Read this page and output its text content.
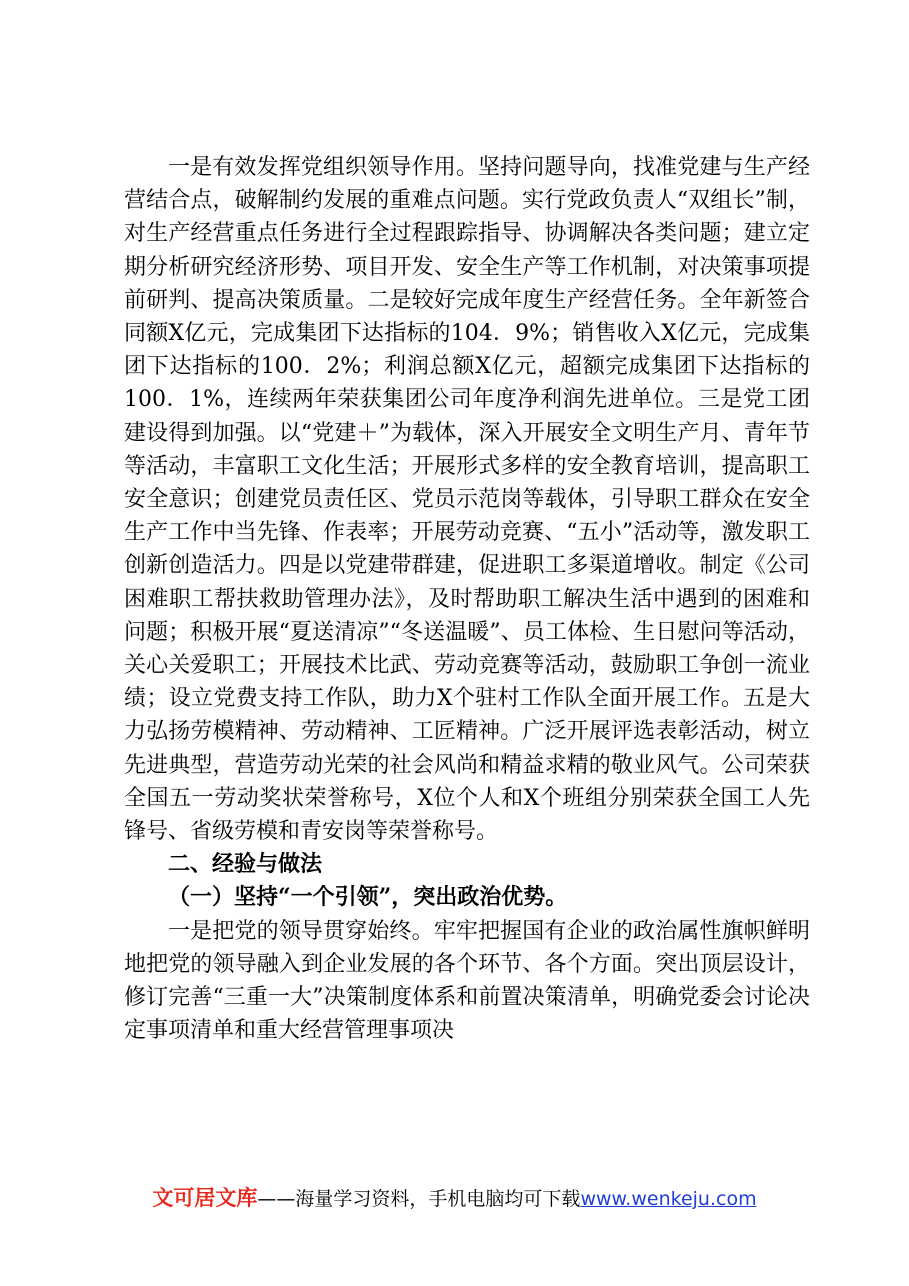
一是有效发挥党组织领导作用。坚持问题导向，找准党建与生产经营结合点，破解制约发展的重难点问题。实行党政负责人“双组长”制，对生产经营重点任务进行全过程跟踪指导、协调解决各类问题；建立定期分析研究经济形势、项目开发、安全生产等工作机制，对决策事项提前研判、提高决策质量。二是较好完成年度生产经营任务。全年新签合同额X亿元，完成集团下达指标的104．9%；销售收入X亿元，完成集团下达指标的100．2%；利润总额X亿元，超额完成集团下达指标的100．1%，连续两年荣获集团公司年度净利润先进单位。三是党工团建设得到加强。以“党建＋”为载体，深入开展安全文明生产月、青年节等活动，丰富职工文化生活；开展形式多样的安全教育培训，提高职工安全意识；创建党员责任区、党员示范岗等载体，引导职工群众在安全生产工作中当先锋、作表率；开展劳动竞赛、“五小”活动等，激发职工创新创造活力。四是以党建带群建，促进职工多渠道增收。制定《公司困难职工帮扶救助管理办法》，及时帮助职工解决生活中遇到的困难和问题；积极开展“夏送清凉”“冬送温暖”、员工体检、生日慰问等活动，关心关爱职工；开展技术比武、劳动竞赛等活动，鼓励职工争创一流业绩；设立党费支持工作队，助力X个驻村工作队全面开展工作。五是大力弘扬劳模精神、劳动精神、工匠精神。广泛开展评选表彰活动，树立先进典型，营造劳动光荣的社会风尚和精益求精的敬业风气。公司荣获全国五一劳动奖状荣誉称号，X位个人和X个班组分别荣获全国工人先锋号、省级劳模和青安岗等荣誉称号。

二、经验与做法

（一）坚持“一个引领”，突出政治优势。

一是把党的领导贯穿始终。牢牢把握国有企业的政治属性旗帜鲜明地把党的领导融入到企业发展的各个环节、各个方面。突出顶层设计，修订完善“三重一大”决策制度体系和前置决策清单，明确党委会讨论决定事项清单和重大经营管理事项决

文可居文库——海量学习资料，手机电脑均可下载www.wenkeju.com
